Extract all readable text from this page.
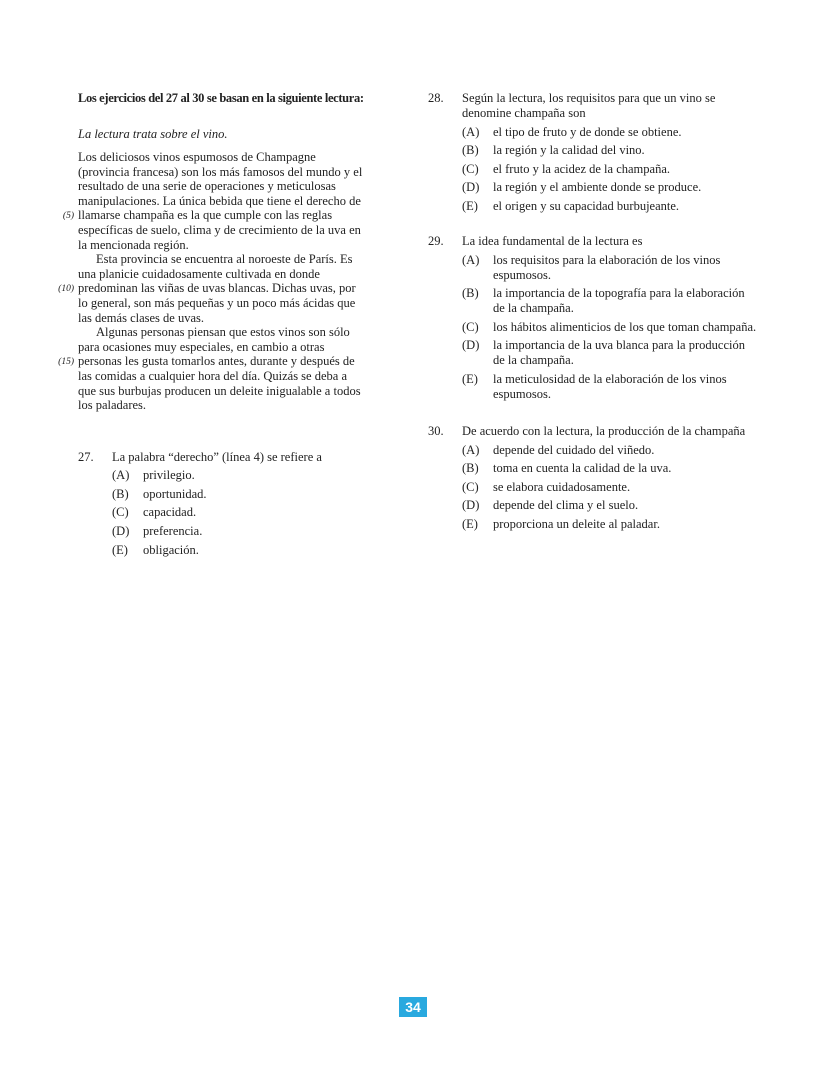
Los ejercicios del 27 al 30 se basan en la siguiente lectura:

La lectura trata sobre el vino.

Los deliciosos vinos espumosos de Champagne
(provincia francesa) son los más famosos del mundo y el
resultado de una serie de operaciones y meticulosas
manipulaciones. La única bebida que tiene el derecho de
(5) llamarse champaña es la que cumple con las reglas
específicas de suelo, clima y de crecimiento de la uva en
la mencionada región.
Esta provincia se encuentra al noroeste de París. Es
una planicie cuidadosamente cultivada en donde
(10) predominan las viñas de uvas blancas. Dichas uvas, por
lo general, son más pequeñas y un poco más ácidas que
las demás clases de uvas.
Algunas personas piensan que estos vinos son sólo
para ocasiones muy especiales, en cambio a otras
(15) personas les gusta tomarlos antes, durante y después de
las comidas a cualquier hora del día. Quizás se deba a
que sus burbujas producen un deleite inigualable a todos
los paladares.
27.	La palabra “derecho” (línea 4) se refiere a
(A)	privilegio.
(B)	oportunidad.
(C)	capacidad.
(D)	preferencia.
(E)	obligación.
28.	Según la lectura, los requisitos para que un vino se denomine champaña son
(A)	el tipo de fruto y de donde se obtiene.
(B)	la región y la calidad del vino.
(C)	el fruto y la acidez de la champaña.
(D)	la región y el ambiente donde se produce.
(E)	el origen y su capacidad burbujeante.
29.	La idea fundamental de la lectura es
(A)	los requisitos para la elaboración de los vinos espumosos.
(B)	la importancia de la topografía para la elaboración de la champaña.
(C)	los hábitos alimenticios de los que toman champaña.
(D)	la importancia de la uva blanca para la producción de la champaña.
(E)	la meticulosidad de la elaboración de los vinos espumosos.
30.	De acuerdo con la lectura, la producción de la champaña
(A)	depende del cuidado del viñedo.
(B)	toma en cuenta la calidad de la uva.
(C)	se elabora cuidadosamente.
(D)	depende del clima y el suelo.
(E)	proporciona un deleite al paladar.
34
